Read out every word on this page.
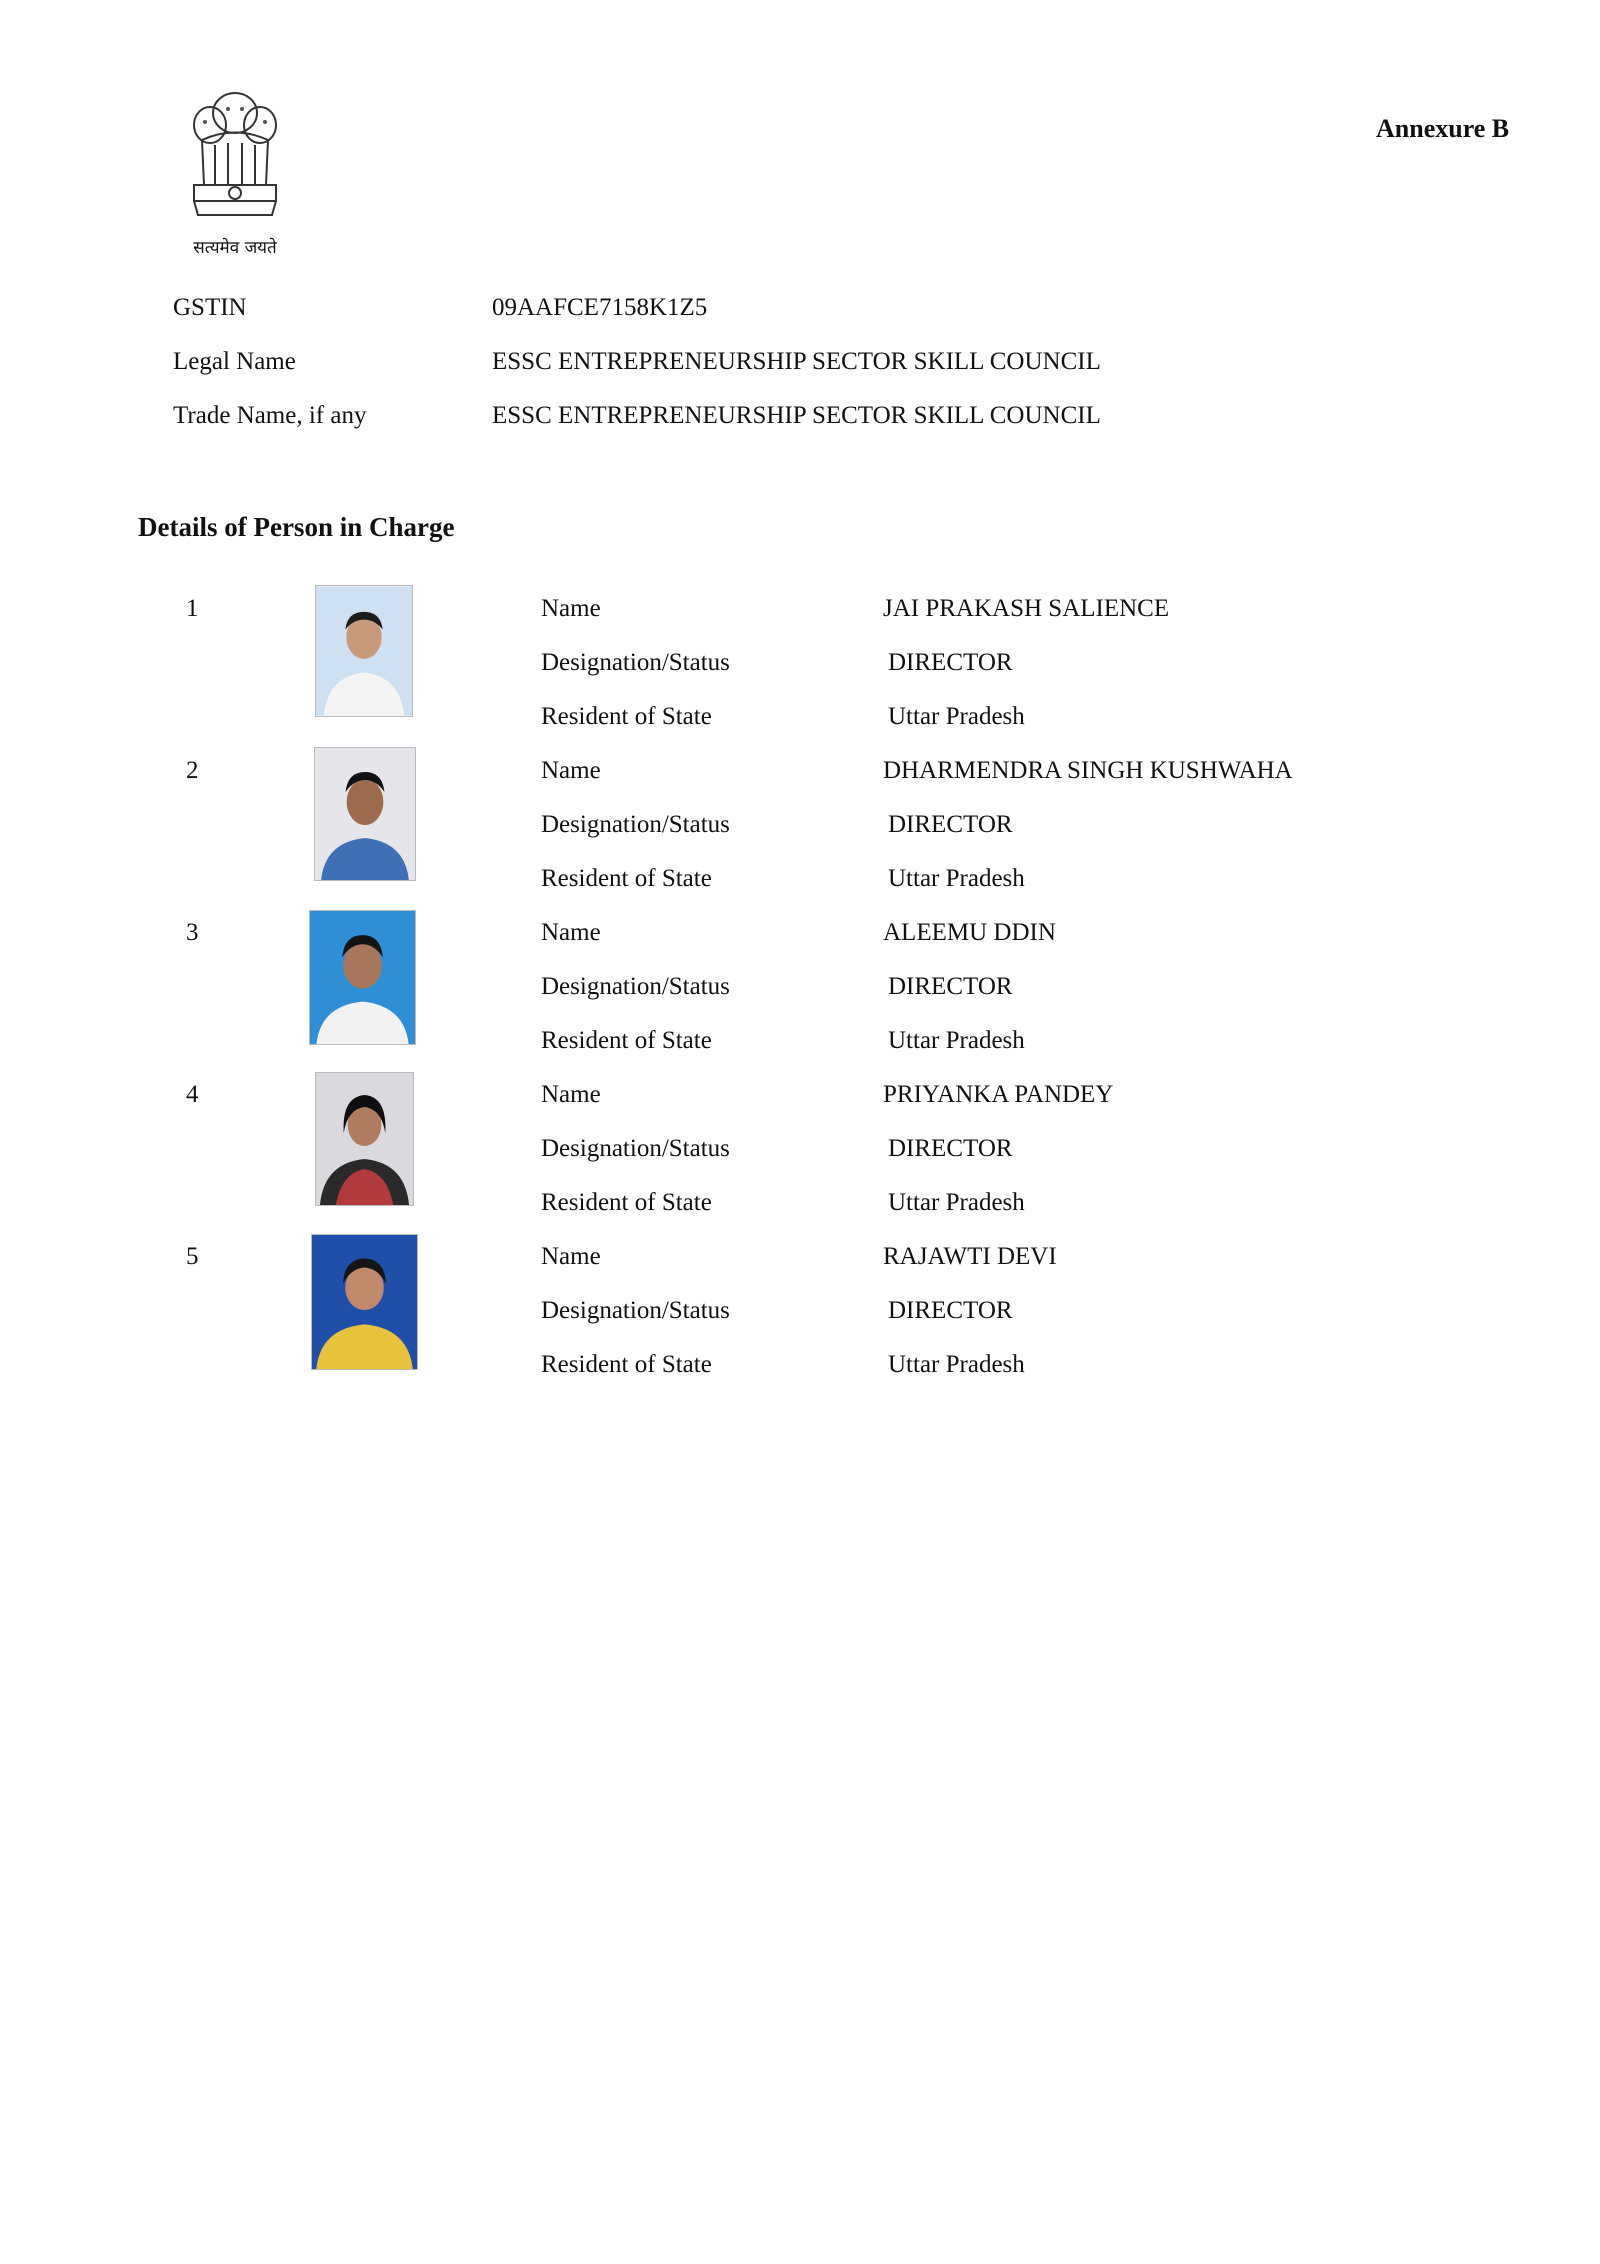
सत्यमेव जयते
Annexure B
GSTIN	09AAFCE7158K1Z5
Legal Name	ESSC ENTREPRENEURSHIP SECTOR SKILL COUNCIL
Trade Name, if any	ESSC ENTREPRENEURSHIP SECTOR SKILL COUNCIL
Details of Person in Charge
1	Name	JAI PRAKASH SALIENCE
Designation/Status	DIRECTOR
Resident of State	Uttar Pradesh
2	Name	DHARMENDRA SINGH KUSHWAHA
Designation/Status	DIRECTOR
Resident of State	Uttar Pradesh
3	Name	ALEEMU DDIN
Designation/Status	DIRECTOR
Resident of State	Uttar Pradesh
4	Name	PRIYANKA PANDEY
Designation/Status	DIRECTOR
Resident of State	Uttar Pradesh
5	Name	RAJAWTI DEVI
Designation/Status	DIRECTOR
Resident of State	Uttar Pradesh
